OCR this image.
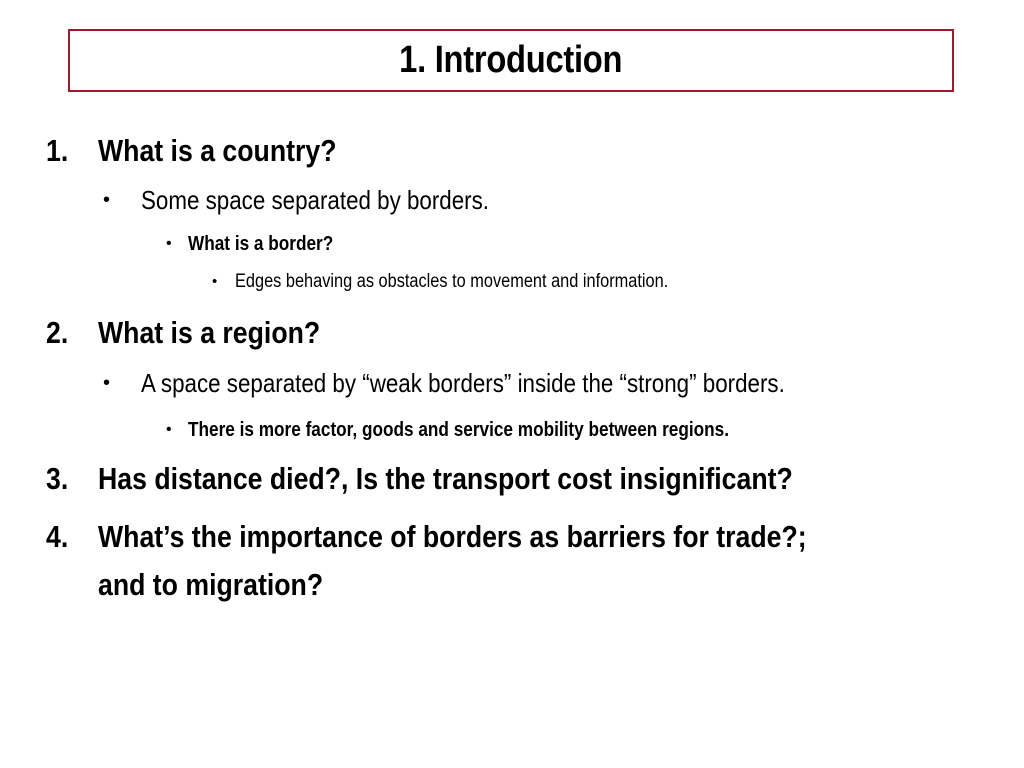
1. Introduction
1. What is a country?
• Some space separated by borders.
• What is a border?
• Edges behaving as obstacles to movement and information.
2. What is a region?
• A space separated by “weak borders” inside the “strong” borders.
• There is more factor, goods and service mobility between regions.
3. Has distance died?, Is the transport cost insignificant?
4. What’s the importance of borders as barriers for trade?;
and to migration?
